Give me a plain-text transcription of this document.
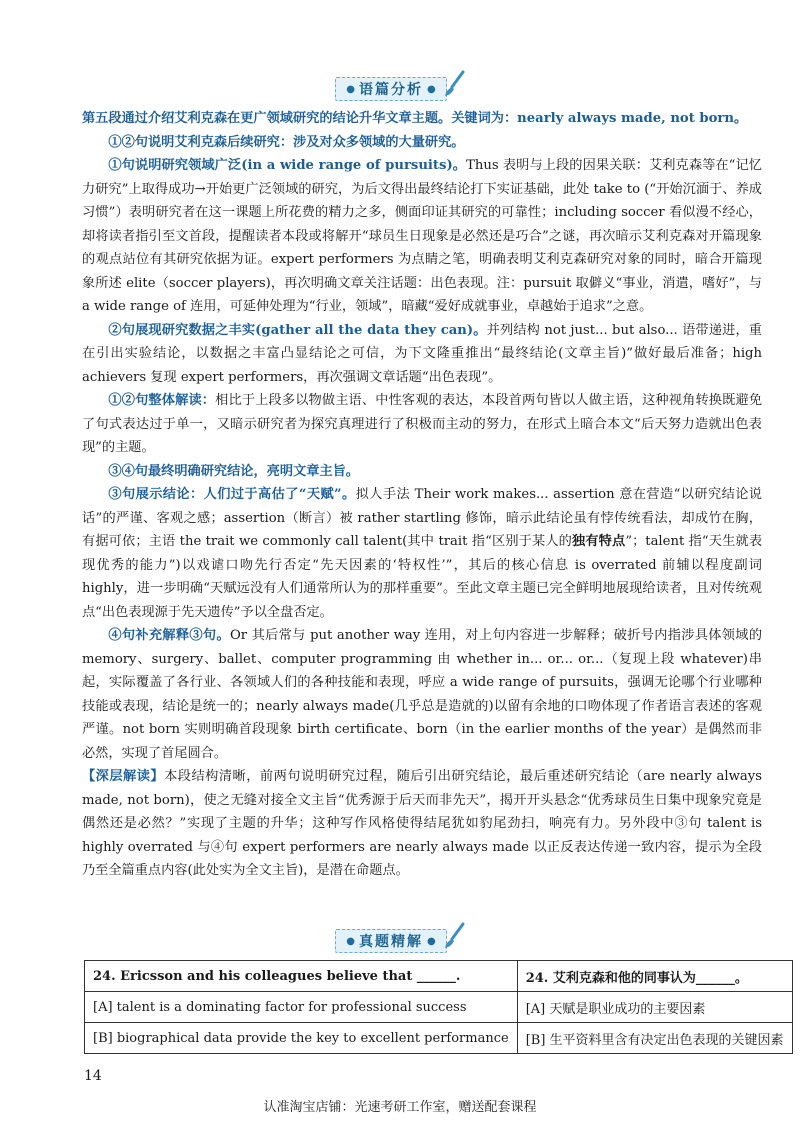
● 语篇分析 ●

第五段通过介绍艾利克森在更广领域研究的结论升华文章主题。关键词为：nearly always made, not born。

①②句说明艾利克森后续研究：涉及对众多领域的大量研究。

①句说明研究领域广泛(in a wide range of pursuits)。Thus 表明与上段的因果关联：艾利克森等在“记忆力研究”上取得成功→开始更广泛领域的研究，为后文得出最终结论打下实证基础，此处 take to (“开始沉湎于、养成习惯”）表明研究者在这一课题上所花费的精力之多，侧面印证其研究的可靠性；including soccer 看似漫不经心，却将读者指引至文首段，提醒读者本段或将解开“球员生日现象是必然还是巧合”之谜，再次暗示艾利克森对开篇现象的观点站位有其研究依据为证。expert performers 为点睛之笔，明确表明艾利克森研究对象的同时，暗合开篇现象所述 elite（soccer players)，再次明确文章关注话题：出色表现。注：pursuit 取僻义“事业，消遣，嗜好”，与 a wide range of 连用，可延伸处理为“行业，领域”，暗藏“爱好成就事业，卓越始于追求”之意。

②句展现研究数据之丰实(gather all the data they can)。并列结构 not just... but also... 语带递进，重在引出实验结论，以数据之丰富凸显结论之可信，为下文隆重推出“最终结论(文章主旨)”做好最后准备；high achievers 复现 expert performers，再次强调文章话题“出色表现”。

①②句整体解读：相比于上段多以物做主语、中性客观的表达，本段首两句皆以人做主语，这种视角转换既避免了句式表达过于单一，又暗示研究者为探究真理进行了积极而主动的努力，在形式上暗合本文“后天努力造就出色表现”的主题。

③④句最终明确研究结论，亮明文章主旨。

③句展示结论：人们过于高估了“天赋”。拟人手法 Their work makes... assertion 意在营造“以研究结论说话”的严谨、客观之感；assertion（断言）被 rather startling 修饰，暗示此结论虽有悖传统看法，却成竹在胸，有据可依；主语 the trait we commonly call talent(其中 trait 指“区别于某人的独有特点”；talent 指“天生就表现优秀的能力”)以戏谑口吻先行否定“先天因素的‘特权性’”，其后的核心信息 is overrated 前辅以程度副词 highly，进一步明确“天赋远没有人们通常所认为的那样重要”。至此文章主题已完全鲜明地展现给读者，且对传统观点“出色表现源于先天遗传”予以全盘否定。

④句补充解释③句。Or 其后常与 put another way 连用，对上句内容进一步解释；破折号内指涉具体领域的 memory、surgery、ballet、computer programming 由 whether in... or... or...（复现上段 whatever)串起，实际覆盖了各行业、各领域人们的各种技能和表现，呼应 a wide range of pursuits，强调无论哪个行业哪种技能或表现，结论是统一的；nearly always made(几乎总是造就的)以留有余地的口吻体现了作者语言表述的客观严谨。not born 实则明确首段现象 birth certificate、born（in the earlier months of the year）是偶然而非必然，实现了首尾圆合。

【深层解读】本段结构清晰，前两句说明研究过程，随后引出研究结论，最后重述研究结论（are nearly always made, not born)，使之无缝对接全文主旨“优秀源于后天而非先天”，揭开开头悬念“优秀球员生日集中现象究竟是偶然还是必然？”实现了主题的升华；这种写作风格使得结尾犹如豹尾劲扫，响亮有力。另外段中③句 talent is highly overrated 与④句 expert performers are nearly always made 以正反表达传递一致内容，提示为全段乃至全篇重点内容(此处实为全文主旨)，是潜在命题点。

● 真题精解 ●
24. Ericsson and his colleagues believe that ______.	24. 艾利克森和他的同事认为______。
[A] talent is a dominating factor for professional success	[A] 天赋是职业成功的主要因素
[B] biographical data provide the key to excellent performance	[B] 生平资料里含有决定出色表现的关键因素
14
认准淘宝店铺：光速考研工作室，赠送配套课程
